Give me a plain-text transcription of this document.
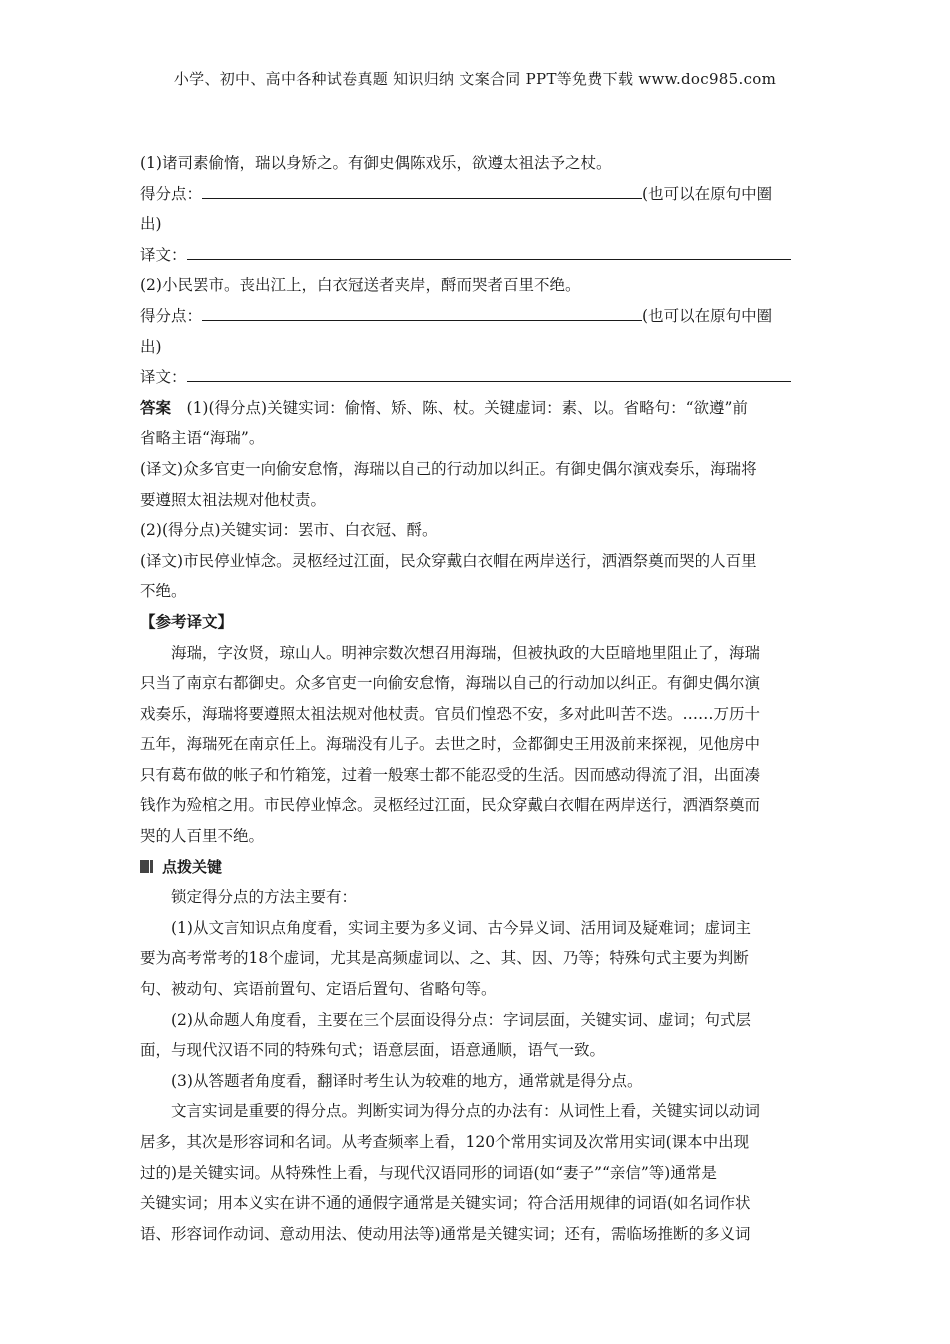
小学、初中、高中各种试卷真题 知识归纳 文案合同 PPT等免费下载 www.doc985.com
(1)诸司素偷惰，瑞以身矫之。有御史偶陈戏乐，欲遵太祖法予之杖。
得分点：	(也可以在原句中圈
出)
译文：
(2)小民罢市。丧出江上，白衣冠送者夹岸，酹而哭者百里不绝。
得分点：	(也可以在原句中圈
出)
译文：
答案　(1)(得分点)关键实词：偷惰、矫、陈、杖。关键虚词：素、以。省略句：“欲遵”前
省略主语“海瑞”。
(译文)众多官吏一向偷安怠惰，海瑞以自己的行动加以纠正。有御史偶尔演戏奏乐，海瑞将
要遵照太祖法规对他杖责。
(2)(得分点)关键实词：罢市、白衣冠、酹。
(译文)市民停业悼念。灵柩经过江面，民众穿戴白衣帽在两岸送行，洒酒祭奠而哭的人百里
不绝。
【参考译文】
海瑞，字汝贤，琼山人。明神宗数次想召用海瑞，但被执政的大臣暗地里阻止了，海瑞
只当了南京右都御史。众多官吏一向偷安怠惰，海瑞以自己的行动加以纠正。有御史偶尔演
戏奏乐，海瑞将要遵照太祖法规对他杖责。官员们惶恐不安，多对此叫苦不迭。……万历十
五年，海瑞死在南京任上。海瑞没有儿子。去世之时，佥都御史王用汲前来探视，见他房中
只有葛布做的帐子和竹箱笼，过着一般寒士都不能忍受的生活。因而感动得流了泪，出面凑
钱作为殓棺之用。市民停业悼念。灵柩经过江面，民众穿戴白衣帽在两岸送行，洒酒祭奠而
哭的人百里不绝。
点拨关键
锁定得分点的方法主要有：
(1)从文言知识点角度看，实词主要为多义词、古今异义词、活用词及疑难词；虚词主
要为高考常考的18个虚词，尤其是高频虚词以、之、其、因、乃等；特殊句式主要为判断
句、被动句、宾语前置句、定语后置句、省略句等。
(2)从命题人角度看，主要在三个层面设得分点：字词层面，关键实词、虚词；句式层
面，与现代汉语不同的特殊句式；语意层面，语意通顺，语气一致。
(3)从答题者角度看，翻译时考生认为较难的地方，通常就是得分点。
文言实词是重要的得分点。判断实词为得分点的办法有：从词性上看，关键实词以动词
居多，其次是形容词和名词。从考查频率上看，120个常用实词及次常用实词(课本中出现
过的)是关键实词。从特殊性上看，与现代汉语同形的词语(如“妻子”“亲信”等)通常是
关键实词；用本义实在讲不通的通假字通常是关键实词；符合活用规律的词语(如名词作状
语、形容词作动词、意动用法、使动用法等)通常是关键实词；还有，需临场推断的多义词
